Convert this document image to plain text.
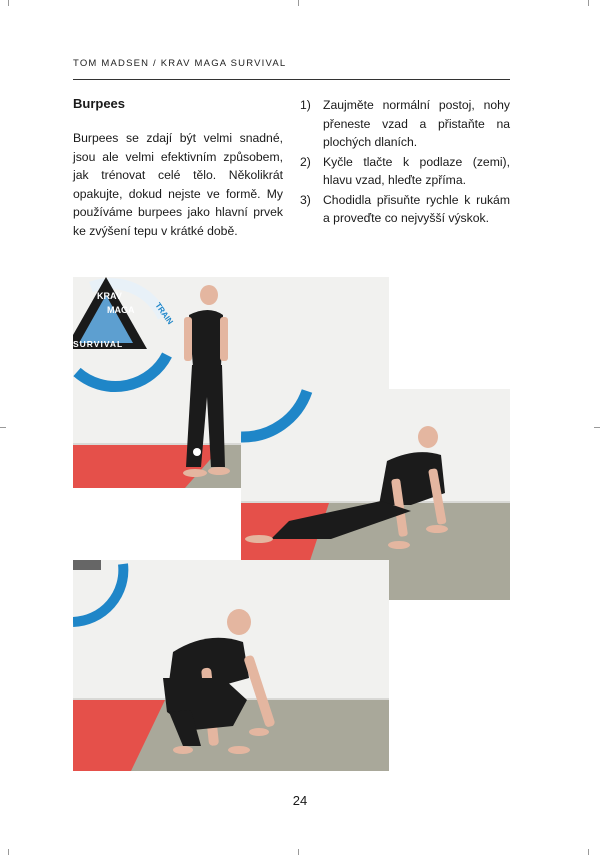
TOM MADSEN / KRAV MAGA SURVIVAL
Burpees

Burpees se zdají být velmi snadné, jsou ale velmi efektivním způsobem, jak trénovat celé tělo. Několikrát opakujte, dokud nejste ve formě. My používáme burpees jako hlavní prvek ke zvýšení tepu v krátké době.

1) Zaujměte normální postoj, nohy přeneste vzad a přistaňte na plochých dlaních.
2) Kyčle tlačte k podlaze (zemi), hlavu vzad, hleďte zpříma.
3) Chodidla přisuňte rychle k rukám a proveďte co nejvyšší výskok.
KRAV
MAGA
SURVIVAL
TRAIN
24
